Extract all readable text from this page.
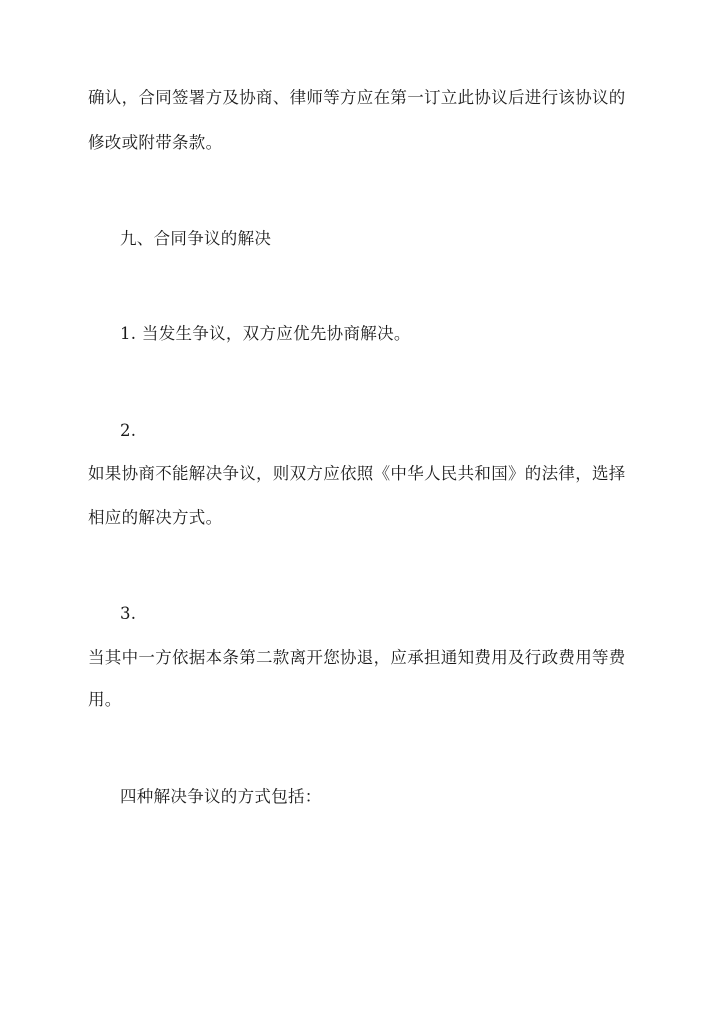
确认，合同签署方及协商、律师等方应在第一订立此协议后进行该协议的
修改或附带条款。
九、合同争议的解决
1. 当发生争议，双方应优先协商解决。
2.
如果协商不能解决争议，则双方应依照《中华人民共和国》的法律，选择
相应的解决方式。
3.
当其中一方依据本条第二款离开您协退，应承担通知费用及行政费用等费
用。
四种解决争议的方式包括：
